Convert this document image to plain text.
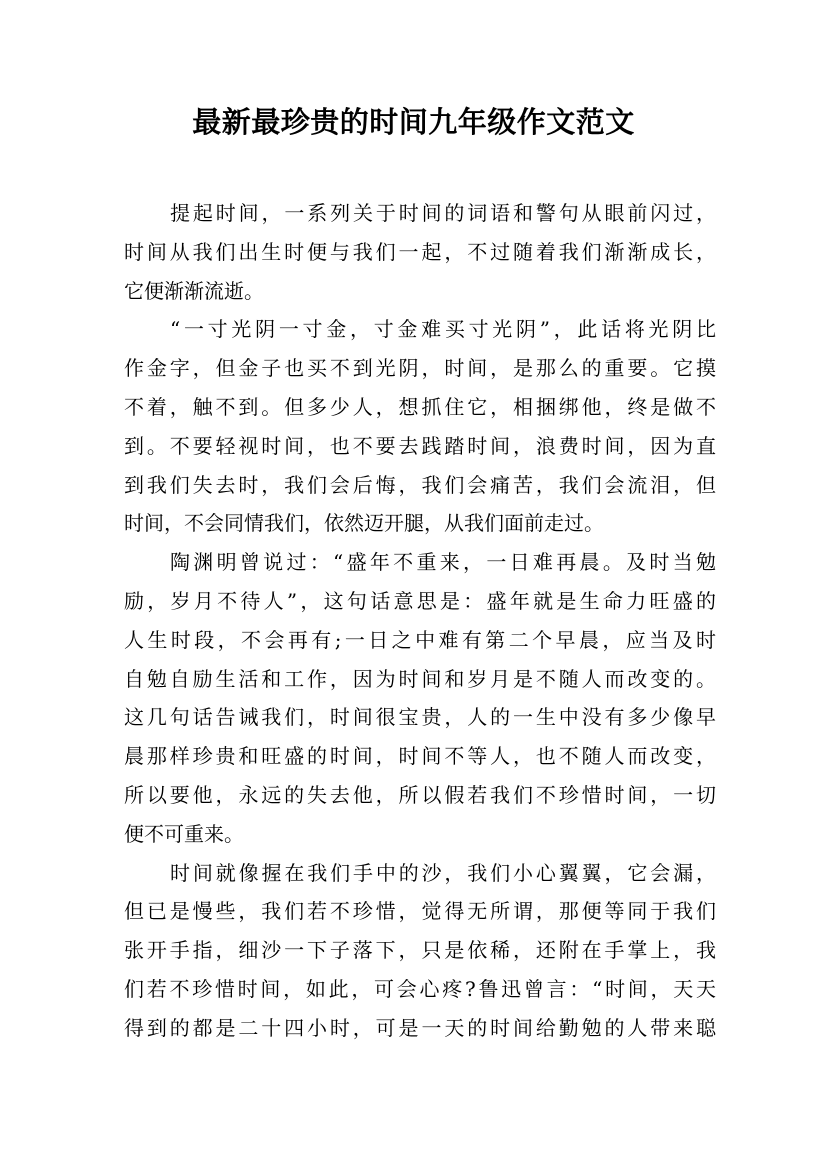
最新最珍贵的时间九年级作文范文
提起时间，一系列关于时间的词语和警句从眼前闪过，
时间从我们出生时便与我们一起，不过随着我们渐渐成长，
它便渐渐流逝。
“一寸光阴一寸金，寸金难买寸光阴”，此话将光阴比
作金字，但金子也买不到光阴，时间，是那么的重要。它摸
不着，触不到。但多少人，想抓住它，相捆绑他，终是做不
到。不要轻视时间，也不要去践踏时间，浪费时间，因为直
到我们失去时，我们会后悔，我们会痛苦，我们会流泪，但
时间，不会同情我们，依然迈开腿，从我们面前走过。
陶渊明曾说过：“盛年不重来，一日难再晨。及时当勉
励，岁月不待人”，这句话意思是：盛年就是生命力旺盛的
人生时段，不会再有;一日之中难有第二个早晨，应当及时
自勉自励生活和工作，因为时间和岁月是不随人而改变的。
这几句话告诫我们，时间很宝贵，人的一生中没有多少像早
晨那样珍贵和旺盛的时间，时间不等人，也不随人而改变，
所以要他，永远的失去他，所以假若我们不珍惜时间，一切
便不可重来。
时间就像握在我们手中的沙，我们小心翼翼，它会漏，
但已是慢些，我们若不珍惜，觉得无所谓，那便等同于我们
张开手指，细沙一下子落下，只是依稀，还附在手掌上，我
们若不珍惜时间，如此，可会心疼?鲁迅曾言：“时间，天天
得到的都是二十四小时，可是一天的时间给勤勉的人带来聪
